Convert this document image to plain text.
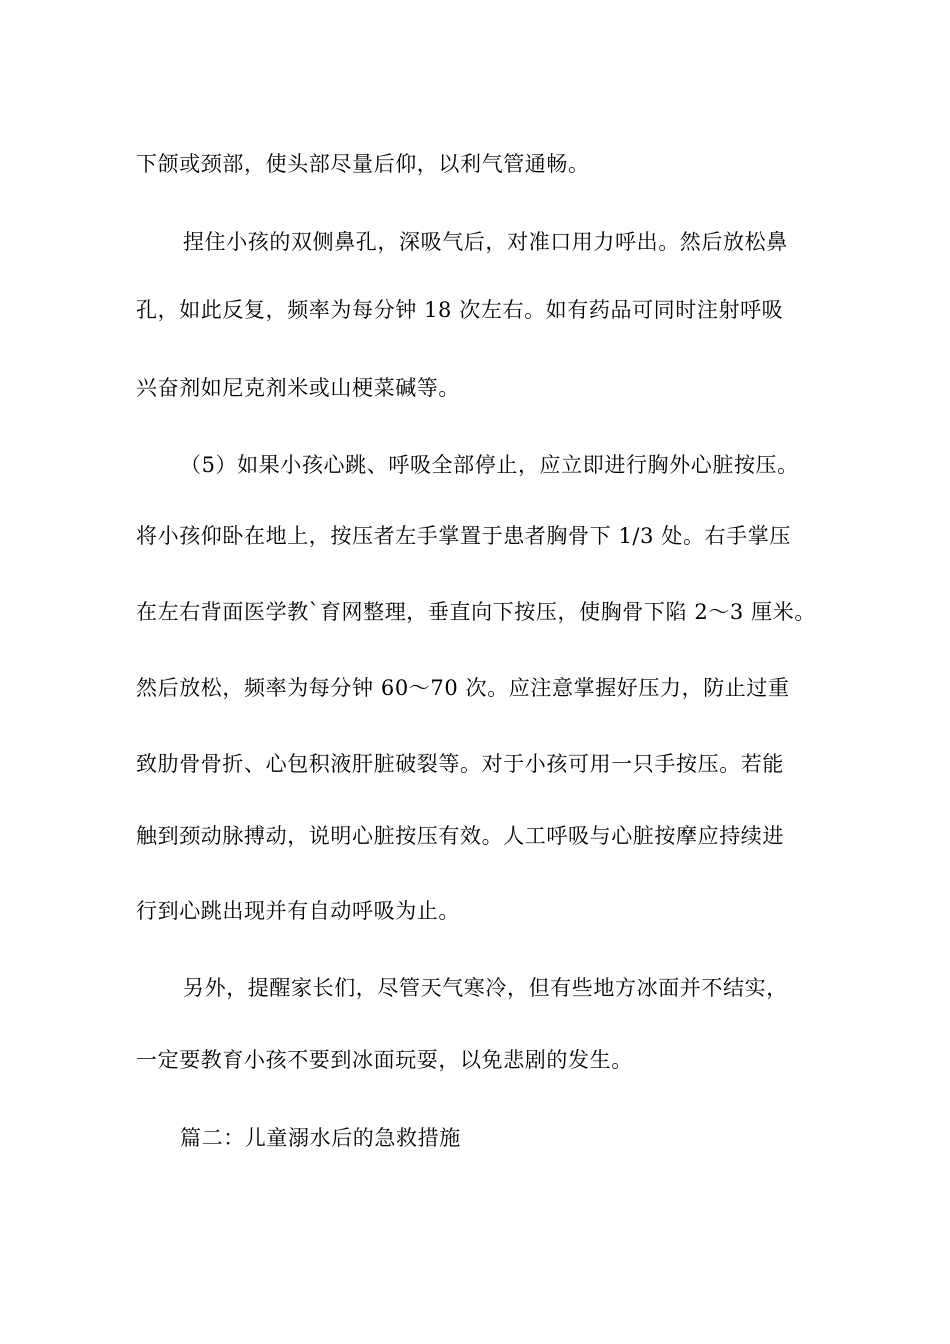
下颌或颈部，使头部尽量后仰，以利气管通畅。
捏住小孩的双侧鼻孔，深吸气后，对准口用力呼出。然后放松鼻
孔，如此反复，频率为每分钟 18 次左右。如有药品可同时注射呼吸
兴奋剂如尼克剂米或山梗菜碱等。
（5）如果小孩心跳、呼吸全部停止，应立即进行胸外心脏按压。
将小孩仰卧在地上，按压者左手掌置于患者胸骨下 1/3 处。右手掌压
在左右背面医学教`育网整理，垂直向下按压，使胸骨下陷 2～3 厘米。
然后放松，频率为每分钟 60～70 次。应注意掌握好压力，防止过重
致肋骨骨折、心包积液肝脏破裂等。对于小孩可用一只手按压。若能
触到颈动脉搏动，说明心脏按压有效。人工呼吸与心脏按摩应持续进
行到心跳出现并有自动呼吸为止。
另外，提醒家长们，尽管天气寒冷，但有些地方冰面并不结实，
一定要教育小孩不要到冰面玩耍，以免悲剧的发生。
篇二：儿童溺水后的急救措施
